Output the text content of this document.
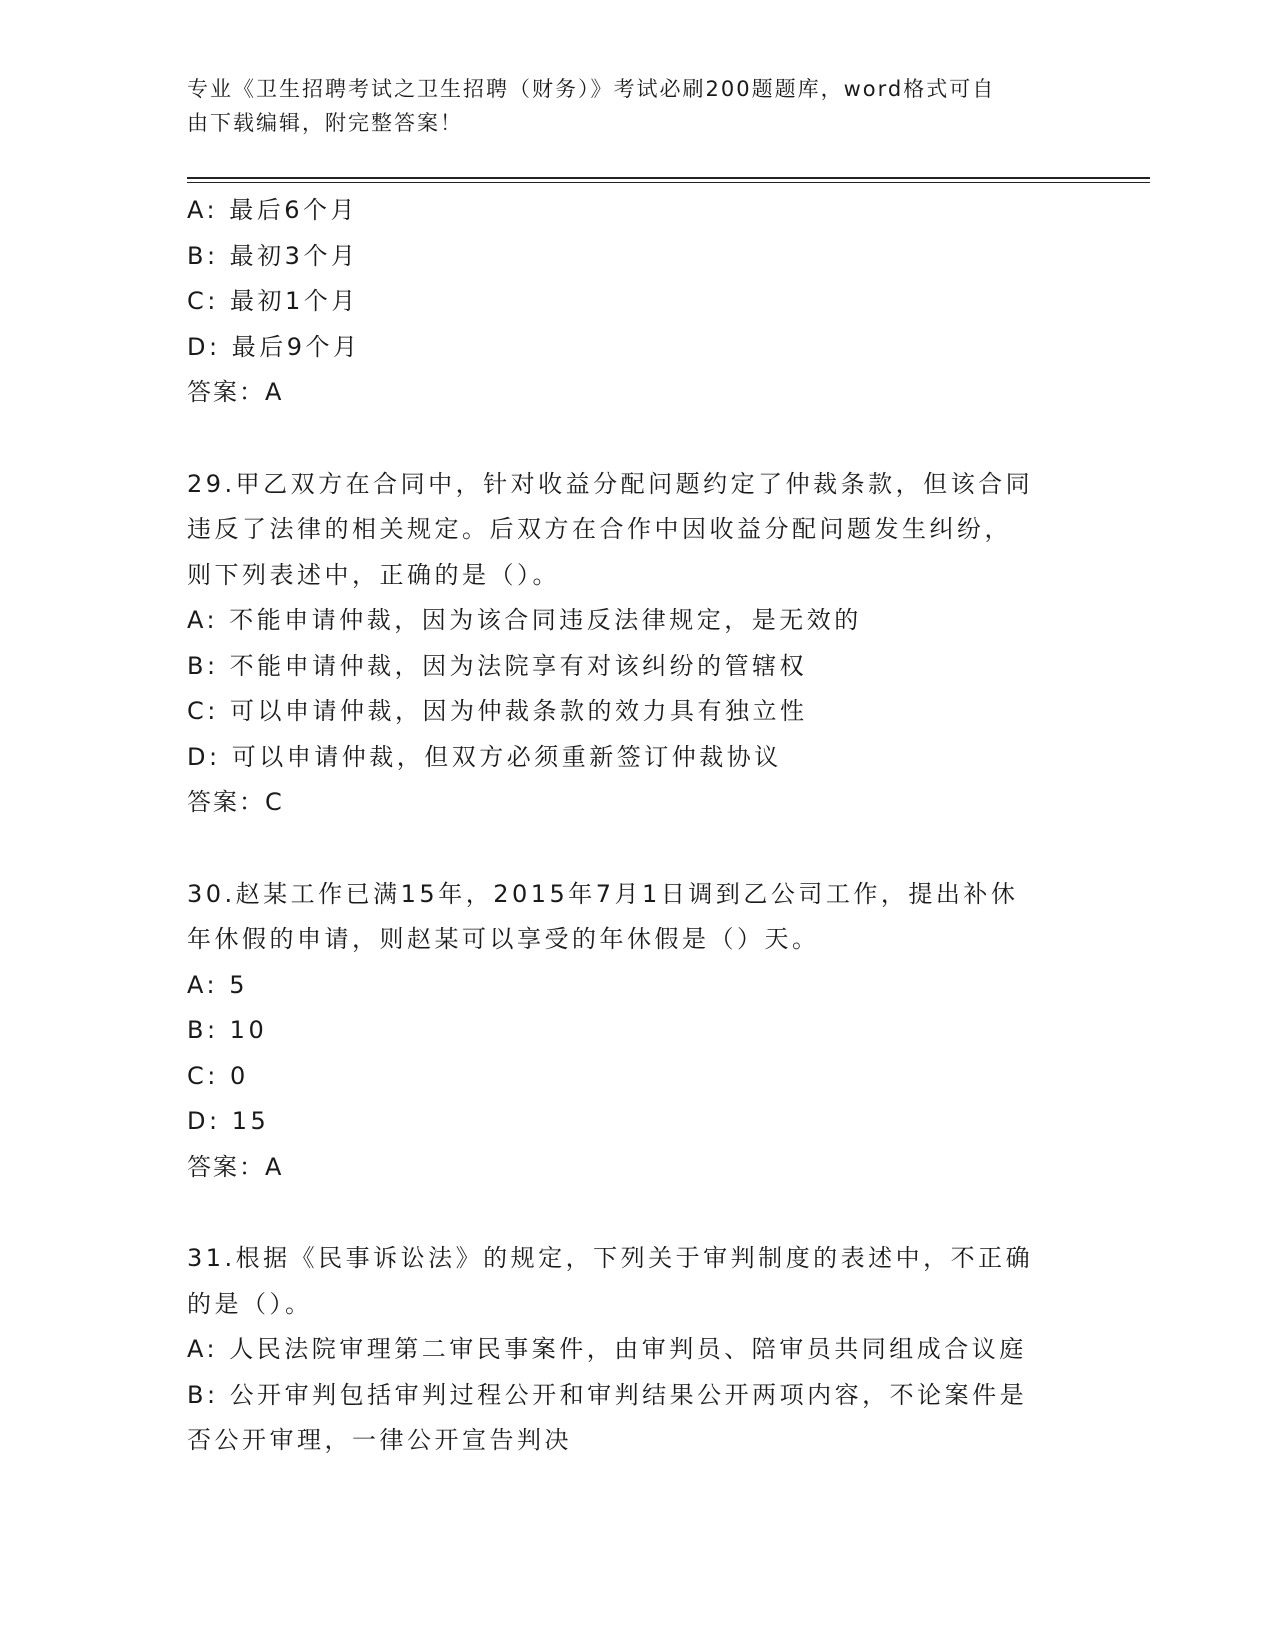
专业《卫生招聘考试之卫生招聘（财务）》考试必刷200题题库，word格式可自
由下载编辑，附完整答案！
A: 最后6个月
B: 最初3个月
C: 最初1个月
D: 最后9个月
答案：A
29.甲乙双方在合同中，针对收益分配问题约定了仲裁条款，但该合同
违反了法律的相关规定。后双方在合作中因收益分配问题发生纠纷，
则下列表述中，正确的是（）。
A: 不能申请仲裁，因为该合同违反法律规定，是无效的
B: 不能申请仲裁，因为法院享有对该纠纷的管辖权
C: 可以申请仲裁，因为仲裁条款的效力具有独立性
D: 可以申请仲裁，但双方必须重新签订仲裁协议
答案：C
30.赵某工作已满15年，2015年7月1日调到乙公司工作，提出补休
年休假的申请，则赵某可以享受的年休假是（）天。
A: 5
B: 10
C: 0
D: 15
答案：A
31.根据《民事诉讼法》的规定，下列关于审判制度的表述中，不正确
的是（）。
A: 人民法院审理第二审民事案件，由审判员、陪审员共同组成合议庭
B: 公开审判包括审判过程公开和审判结果公开两项内容，不论案件是
否公开审理，一律公开宣告判决
